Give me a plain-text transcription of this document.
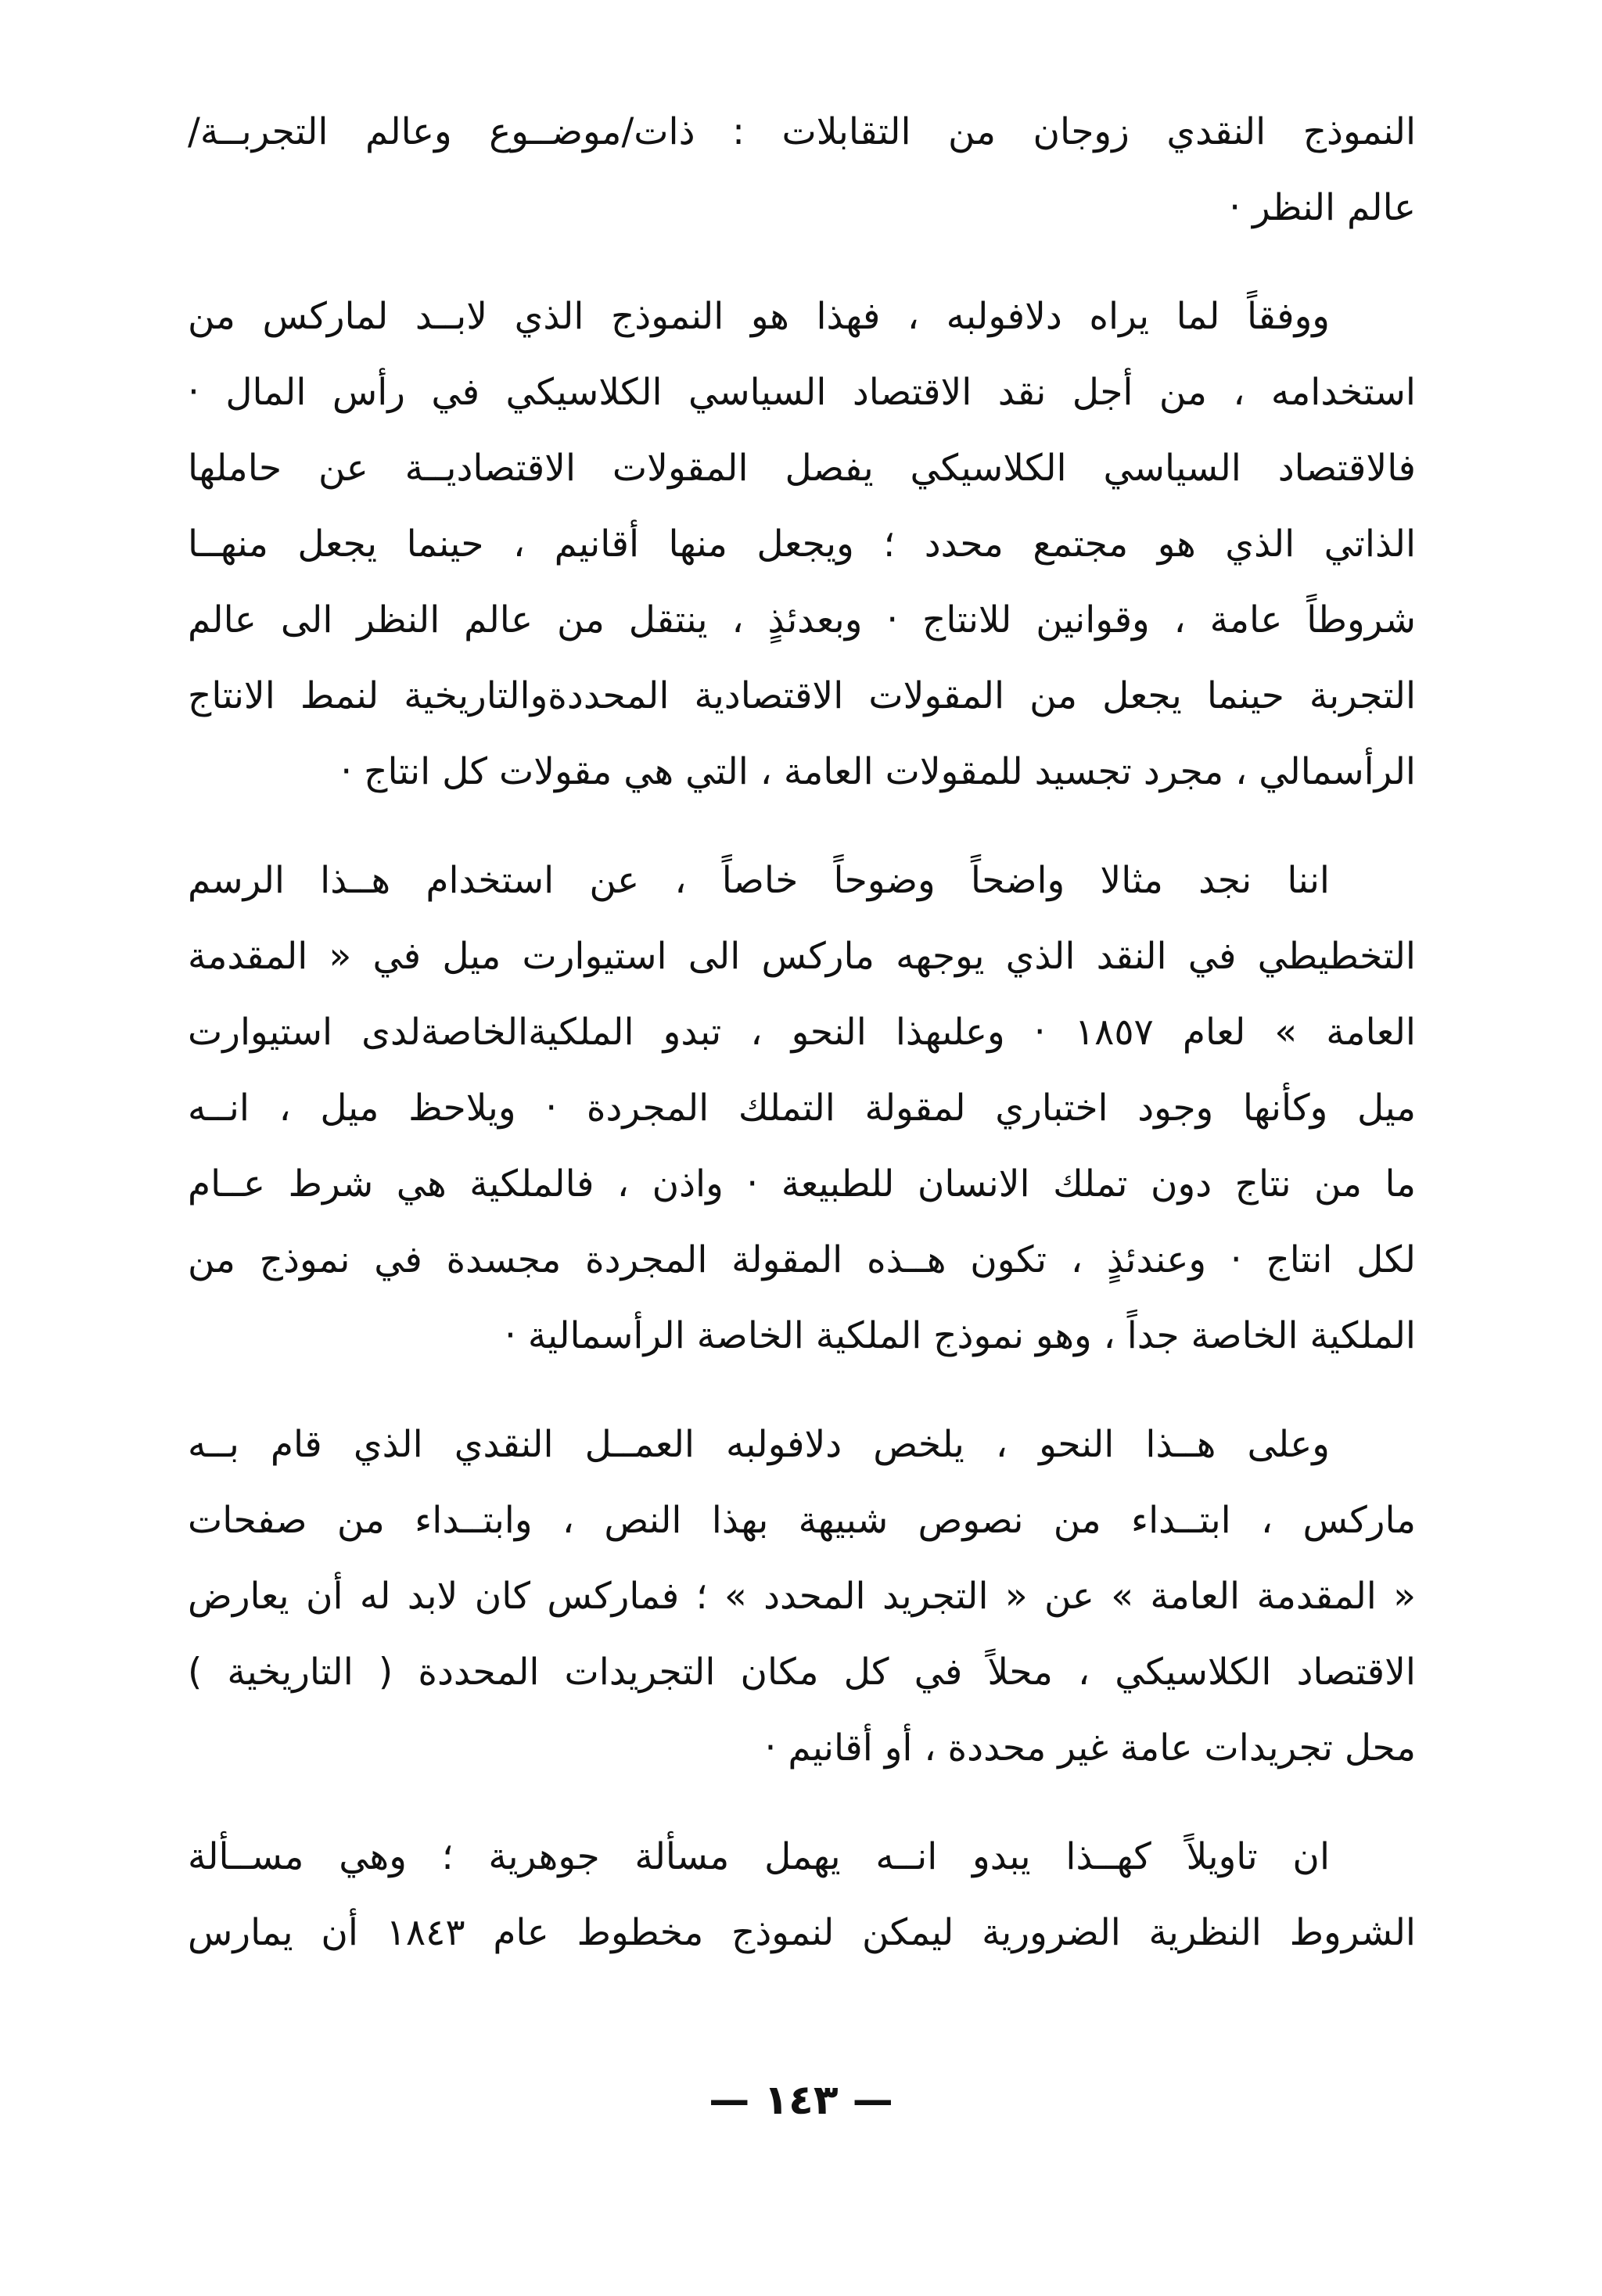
النموذج النقدي زوجان من التقابلات : ذات/موضــوع وعالم التجربــة/
عالم النظر ·
ووفقاً لما يراه دلافولبه ، فهذا هو النموذج الذي لابــد لماركس من
استخدامه ، من أجل نقد الاقتصاد السياسي الكلاسيكي في رأس المال ·
فالاقتصاد السياسي الكلاسيكي يفصل المقولات الاقتصاديــة عن حاملها
الذاتي الذي هو مجتمع محدد ؛ ويجعل منها أقانيم ، حينما يجعل منهــا
شروطاً عامة ، وقوانين للانتاج · وبعدئذٍ ، ينتقل من عالم النظر الى عالم
التجربة حينما يجعل من المقولات الاقتصادية المحددةوالتاريخية لنمط الانتاج
الرأسمالي ، مجرد تجسيد للمقولات العامة ، التي هي مقولات كل انتاج ·
اننا نجد مثالا واضحاً وضوحاً خاصاً ، عن استخدام هــذا الرسم
التخطيطي في النقد الذي يوجهه ماركس الى استيوارت ميل في « المقدمة
العامة » لعام ١٨٥٧ · وعلىهذا النحو ، تبدو الملكيةالخاصةلدى استيوارت
ميل وكأنها وجود اختباري لمقولة التملك المجردة · ويلاحظ ميل ، انــه
ما من نتاج دون تملك الانسان للطبيعة · واذن ، فالملكية هي شرط عــام
لكل انتاج · وعندئذٍ ، تكون هــذه المقولة المجردة مجسدة في نموذج من
الملكية الخاصة جداً ، وهو نموذج الملكية الخاصة الرأسمالية ·
وعلى هــذا النحو ، يلخص دلافولبه العمــل النقدي الذي قام بــه
ماركس ، ابتــداء من نصوص شبيهة بهذا النص ، وابتــداء من صفحات
« المقدمة العامة » عن « التجريد المحدد » ؛ فماركس كان لابد له أن يعارض
الاقتصاد الكلاسيكي ، محلاً في كل مكان التجريدات المحددة ( التاريخية )
محل تجريدات عامة غير محددة ، أو أقانيم ·
ان تاويلاً كهــذا يبدو انــه يهمل مسألة جوهرية ؛ وهي مســألة
الشروط النظرية الضرورية ليمكن لنموذج مخطوط عام ١٨٤٣ أن يمارس
— ١٤٣ —
